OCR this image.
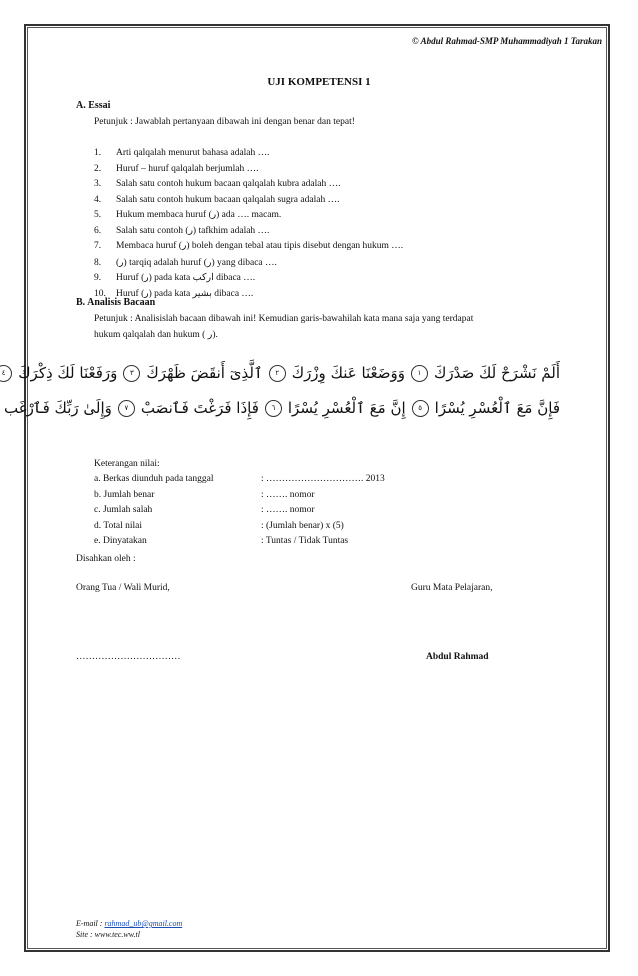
© Abdul Rahmad-SMP Muhammadiyah 1 Tarakan
UJI KOMPETENSI 1
A. Essai
Petunjuk : Jawablah pertanyaan dibawah ini dengan benar dan tepat!
1. Arti qalqalah menurut bahasa adalah ….
2. Huruf – huruf qalqalah berjumlah ….
3. Salah satu contoh hukum bacaan qalqalah kubra adalah ….
4. Salah satu contoh hukum bacaan qalqalah sugra adalah ….
5. Hukum membaca huruf (ر) ada …. macam.
6. Salah satu contoh (ر) tafkhim adalah ….
7. Membaca huruf (ر) boleh dengan tebal atau tipis disebut dengan hukum ….
8. (ر) tarqiq adalah huruf (ر) yang dibaca ….
9. Huruf (ر) pada kata اركب dibaca ….
10. Huruf (ر) pada kata بشير dibaca ….
B. Analisis Bacaan
Petunjuk : Analisislah bacaan dibawah ini! Kemudian garis-bawahilah kata mana saja yang terdapat
hukum qalqalah dan hukum ( ر).
أَلَمْ نَشْرَحْ لَكَ صَدْرَكَ١وَوَضَعْنَا عَنكَ وِزْرَكَ٢ٱلَّذِىٓ أَنقَضَ ظَهْرَكَ٣وَرَفَعْنَا لَكَ ذِكْرَكَ٤
فَإِنَّ مَعَ ٱلْعُسْرِ يُسْرًا٥إِنَّ مَعَ ٱلْعُسْرِ يُسْرًا٦فَإِذَا فَرَغْتَ فَٱنصَبْ٧وَإِلَىٰ رَبِّكَ فَٱرْغَب
Keterangan nilai:
a. Berkas diunduh pada tanggal	: …………………………. 2013
b. Jumlah benar	: ……. nomor
c. Jumlah salah	: ……. nomor
d. Total nilai	: (Jumlah benar) x (5)
e. Dinyatakan	: Tuntas / Tidak Tuntas
Disahkan oleh :
Orang Tua / Wali Murid,	Guru Mata Pelajaran,
……………………………	Abdul Rahmad
E-mail : rahmad_ub@gmail.com
Site : www.tec.ww.tl
